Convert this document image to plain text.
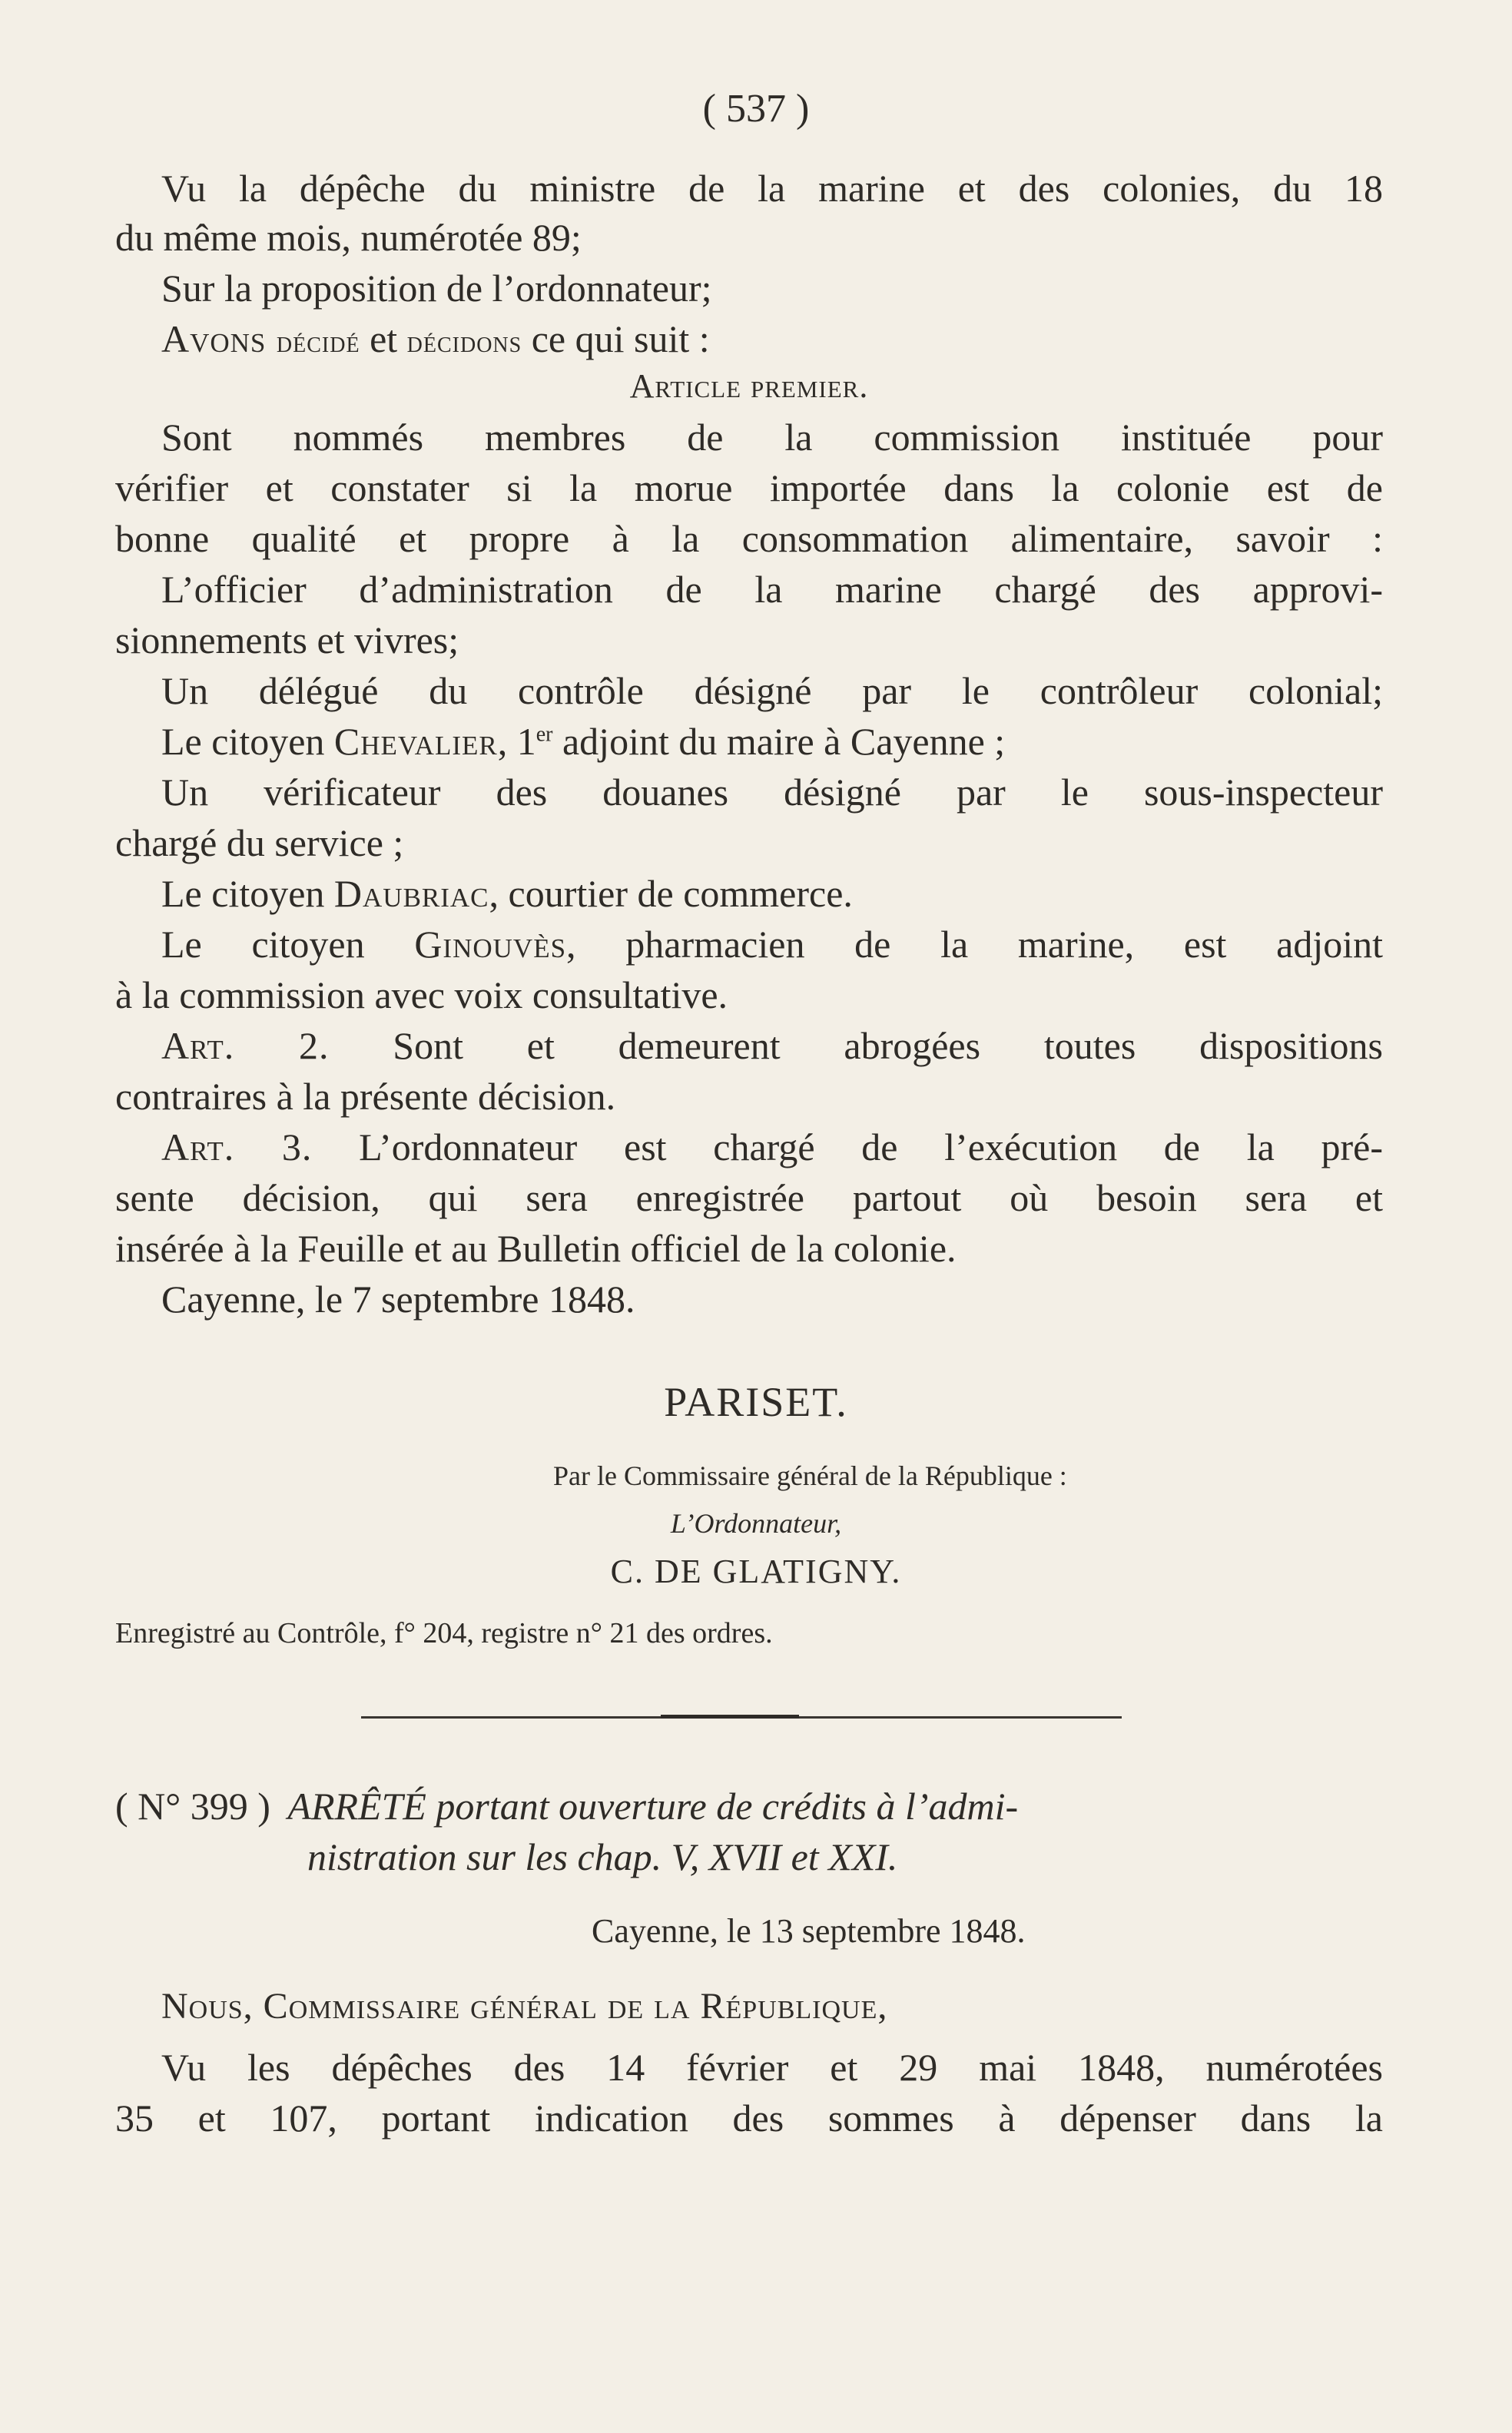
( 537 )
Vu la dépêche du ministre de la marine et des colonies, du 18
du même mois, numérotée 89;
Sur la proposition de l’ordonnateur;
Avons décidé et décidons ce qui suit :
Article premier.
Sont nommés membres de la commission instituée pour
vérifier et constater si la morue importée dans la colonie est de
bonne qualité et propre à la consommation alimentaire, savoir :
L’officier d’administration de la marine chargé des approvi-
sionnements et vivres;
Un délégué du contrôle désigné par le contrôleur colonial;
Le citoyen Chevalier, 1er adjoint du maire à Cayenne ;
Un vérificateur des douanes désigné par le sous-inspecteur
chargé du service ;
Le citoyen Daubriac, courtier de commerce.
Le citoyen Ginouvès, pharmacien de la marine, est adjoint
à la commission avec voix consultative.
Art. 2. Sont et demeurent abrogées toutes dispositions
contraires à la présente décision.
Art. 3. L’ordonnateur est chargé de l’exécution de la pré-
sente décision, qui sera enregistrée partout où besoin sera et
insérée à la Feuille et au Bulletin officiel de la colonie.
Cayenne, le 7 septembre 1848.
PARISET.
Par le Commissaire général de la République :
L’Ordonnateur,
C. DE GLATIGNY.
Enregistré au Contrôle, f° 204, registre n° 21 des ordres.
( N° 399 ) ARRÊTÉ portant ouverture de crédits à l’admi-
nistration sur les chap. V, XVII et XXI.
Cayenne, le 13 septembre 1848.
Nous, Commissaire général de la République,
Vu les dépêches des 14 février et 29 mai 1848, numérotées
35 et 107, portant indication des sommes à dépenser dans la
